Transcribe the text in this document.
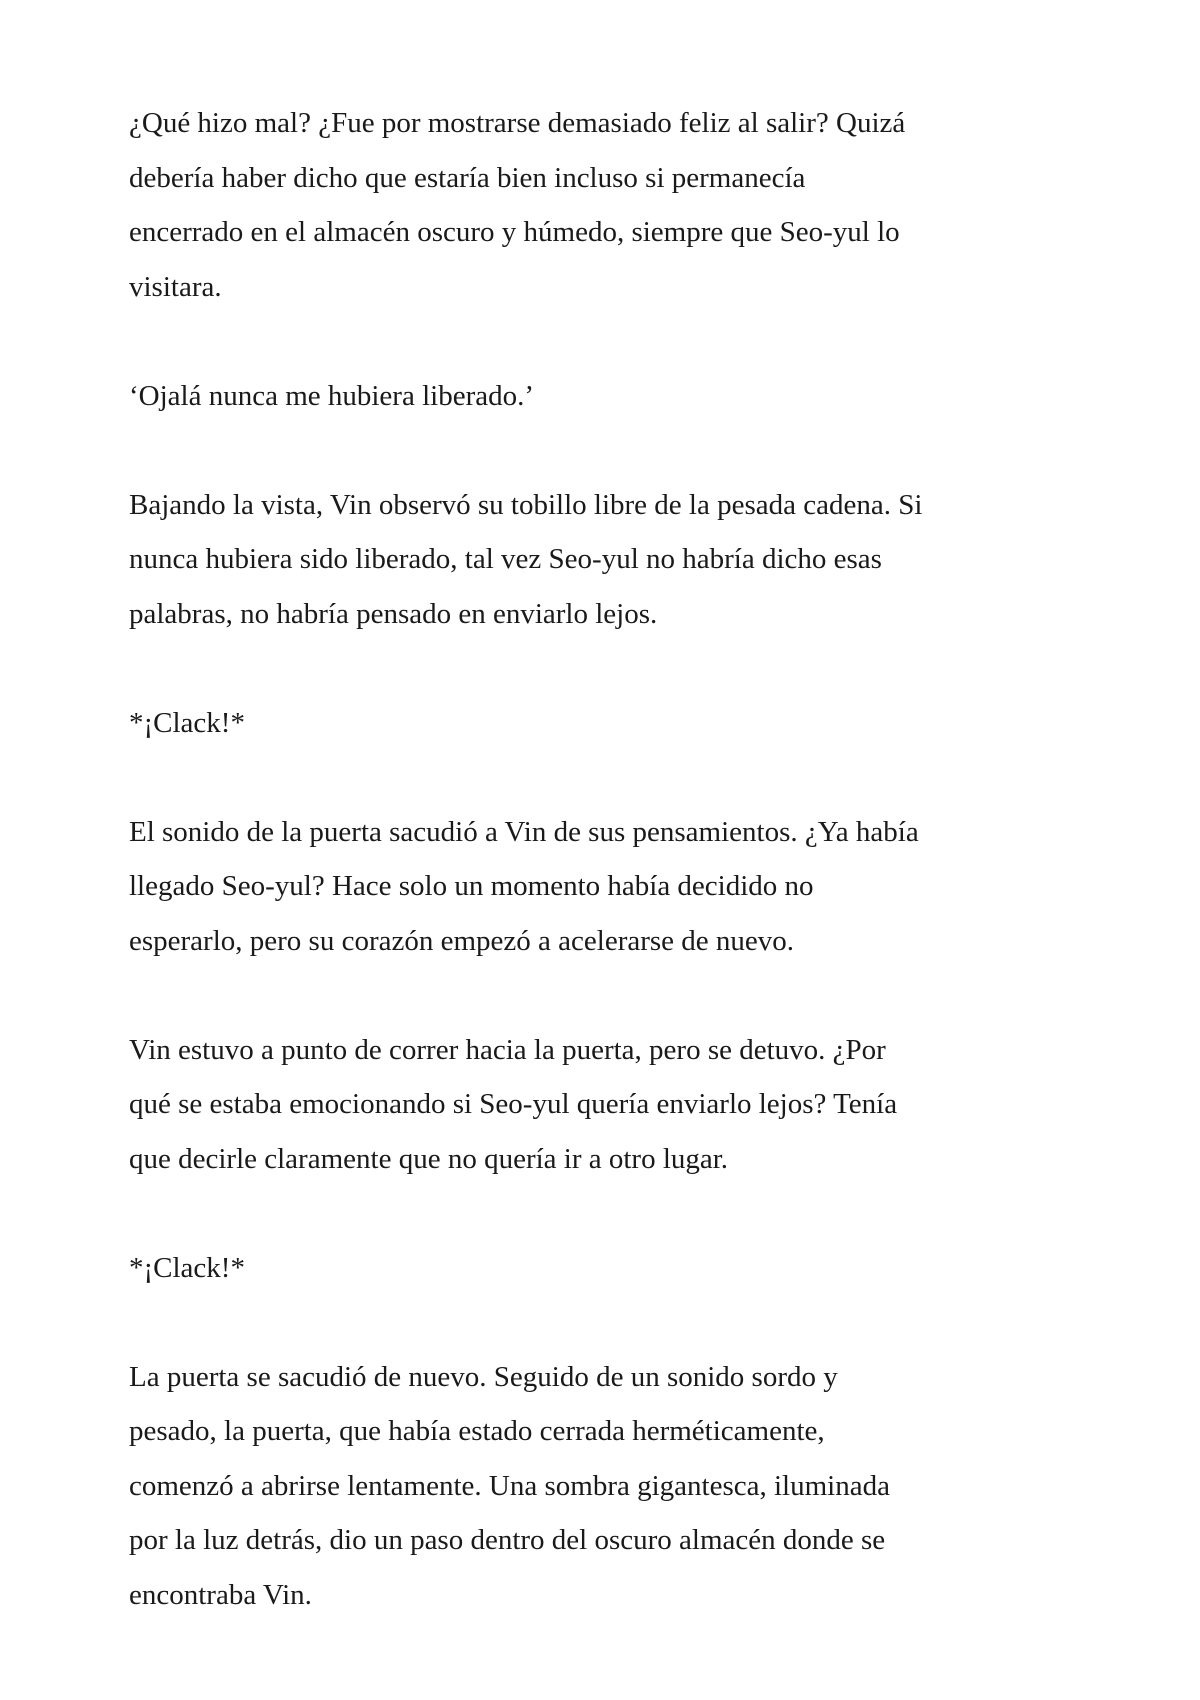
¿Qué hizo mal? ¿Fue por mostrarse demasiado feliz al salir? Quizá
debería haber dicho que estaría bien incluso si permanecía
encerrado en el almacén oscuro y húmedo, siempre que Seo-yul lo
visitara.

‘Ojalá nunca me hubiera liberado.’

Bajando la vista, Vin observó su tobillo libre de la pesada cadena. Si
nunca hubiera sido liberado, tal vez Seo-yul no habría dicho esas
palabras, no habría pensado en enviarlo lejos.

*¡Clack!*

El sonido de la puerta sacudió a Vin de sus pensamientos. ¿Ya había
llegado Seo-yul? Hace solo un momento había decidido no
esperarlo, pero su corazón empezó a acelerarse de nuevo.

Vin estuvo a punto de correr hacia la puerta, pero se detuvo. ¿Por
qué se estaba emocionando si Seo-yul quería enviarlo lejos? Tenía
que decirle claramente que no quería ir a otro lugar.

*¡Clack!*

La puerta se sacudió de nuevo. Seguido de un sonido sordo y
pesado, la puerta, que había estado cerrada herméticamente,
comenzó a abrirse lentamente. Una sombra gigantesca, iluminada
por la luz detrás, dio un paso dentro del oscuro almacén donde se
encontraba Vin.
